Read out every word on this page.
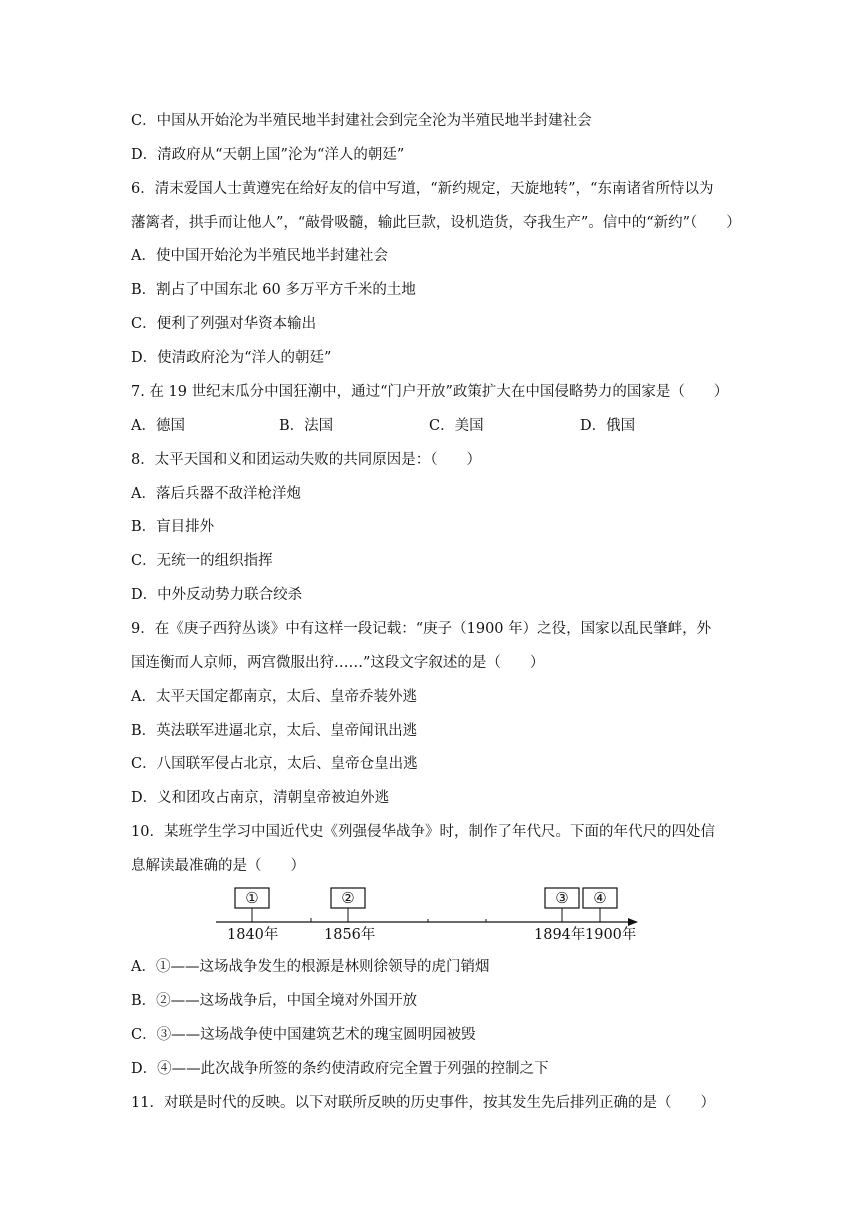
C．中国从开始沦为半殖民地半封建社会到完全沦为半殖民地半封建社会
D．清政府从“天朝上国”沦为“洋人的朝廷”
6．清末爱国人士黄遵宪在给好友的信中写道，“新约规定，天旋地转”，“东南诸省所恃以为
藩篱者，拱手而让他人”，“敲骨吸髓，输此巨款，设机造货，夺我生产”。信中的“新约”（　　）
A．使中国开始沦为半殖民地半封建社会
B．割占了中国东北 60 多万平方千米的土地
C．便利了列强对华资本输出
D．使清政府沦为“洋人的朝廷”
7. 在 19 世纪末瓜分中国狂潮中，通过“门户开放”政策扩大在中国侵略势力的国家是（　　）
A．德国	B．法国	C．美国	D．俄国
8．太平天国和义和团运动失败的共同原因是：（　　）
A．落后兵器不敌洋枪洋炮
B．盲目排外
C．无统一的组织指挥
D．中外反动势力联合绞杀
9．在《庚子西狩丛谈》中有这样一段记载：“庚子（1900 年）之役，国家以乱民肇衅，外
国连衡而人京师，两宫微服出狩……”这段文字叙述的是（　　）
A．太平天国定都南京，太后、皇帝乔装外逃
B．英法联军进逼北京，太后、皇帝闻讯出逃
C．八国联军侵占北京，太后、皇帝仓皇出逃
D．义和团攻占南京，清朝皇帝被迫外逃
10．某班学生学习中国近代史《列强侵华战争》时，制作了年代尺。下面的年代尺的四处信
息解读最准确的是（　　）
①	②	③	④
1840年	1856年	1894年 1900年
A．①——这场战争发生的根源是林则徐领导的虎门销烟
B．②——这场战争后，中国全境对外国开放
C．③——这场战争使中国建筑艺术的瑰宝圆明园被毁
D．④——此次战争所签的条约使清政府完全置于列强的控制之下
11．对联是时代的反映。以下对联所反映的历史事件，按其发生先后排列正确的是（　　）
